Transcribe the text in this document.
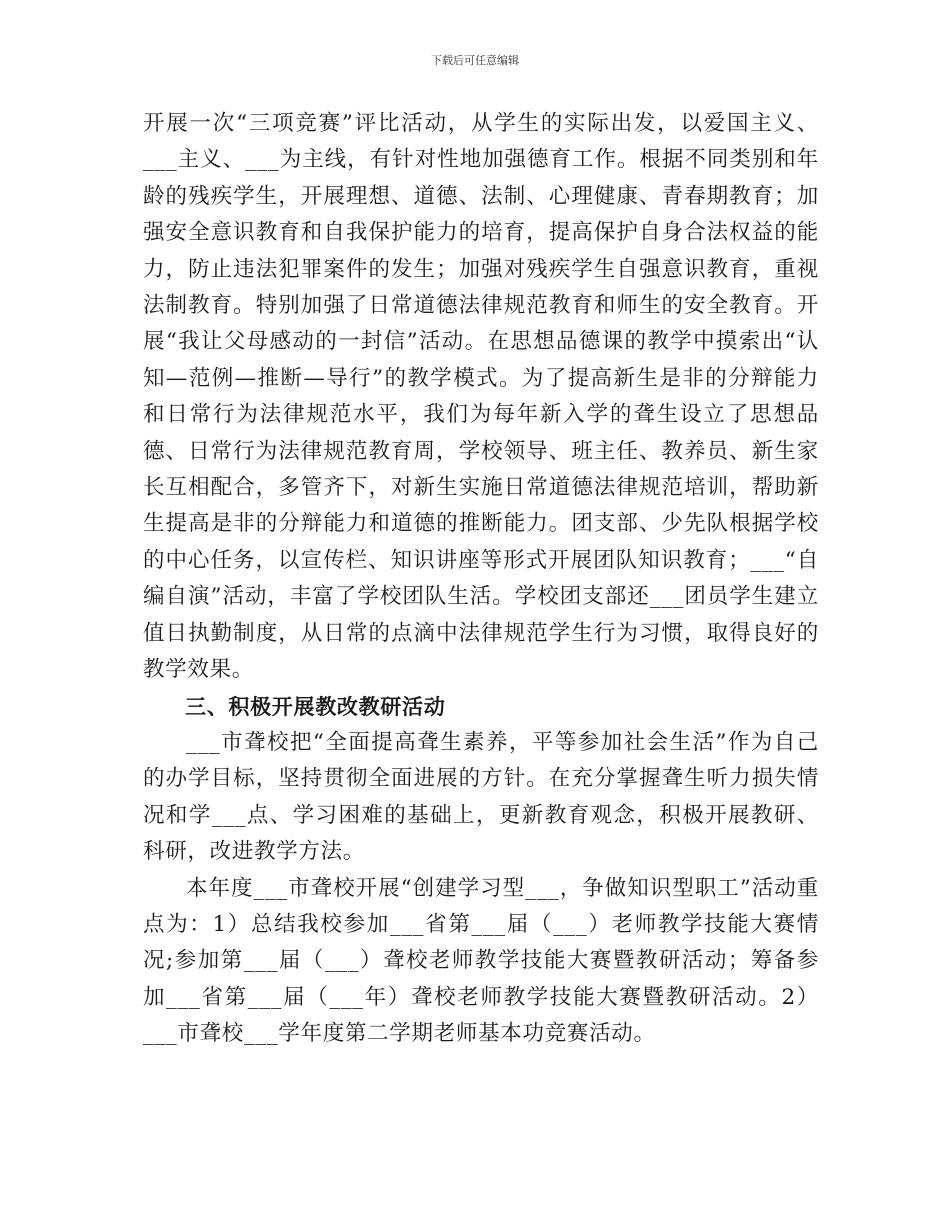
下载后可任意编辑

开展一次“三项竞赛”评比活动，从学生的实际出发，以爱国主义、___主义、___为主线，有针对性地加强德育工作。根据不同类别和年龄的残疾学生，开展理想、道德、法制、心理健康、青春期教育；加强安全意识教育和自我保护能力的培育，提高保护自身合法权益的能力，防止违法犯罪案件的发生；加强对残疾学生自强意识教育，重视法制教育。特别加强了日常道德法律规范教育和师生的安全教育。开展“我让父母感动的一封信”活动。在思想品德课的教学中摸索出“认知—范例—推断—导行”的教学模式。为了提高新生是非的分辩能力和日常行为法律规范水平，我们为每年新入学的聋生设立了思想品德、日常行为法律规范教育周，学校领导、班主任、教养员、新生家长互相配合，多管齐下，对新生实施日常道德法律规范培训，帮助新生提高是非的分辩能力和道德的推断能力。团支部、少先队根据学校的中心任务，以宣传栏、知识讲座等形式开展团队知识教育；___“自编自演”活动，丰富了学校团队生活。学校团支部还___团员学生建立值日执勤制度，从日常的点滴中法律规范学生行为习惯，取得良好的教学效果。

三、积极开展教改教研活动

___市聋校把“全面提高聋生素养，平等参加社会生活”作为自己的办学目标，坚持贯彻全面进展的方针。在充分掌握聋生听力损失情况和学___点、学习困难的基础上，更新教育观念，积极开展教研、科研，改进教学方法。

本年度___市聋校开展“创建学习型___，争做知识型职工”活动重点为：1）总结我校参加___省第___届（___）老师教学技能大赛情况;参加第___届（___）聋校老师教学技能大赛暨教研活动；筹备参加___省第___届（___年）聋校老师教学技能大赛暨教研活动。2）___市聋校___学年度第二学期老师基本功竞赛活动。
